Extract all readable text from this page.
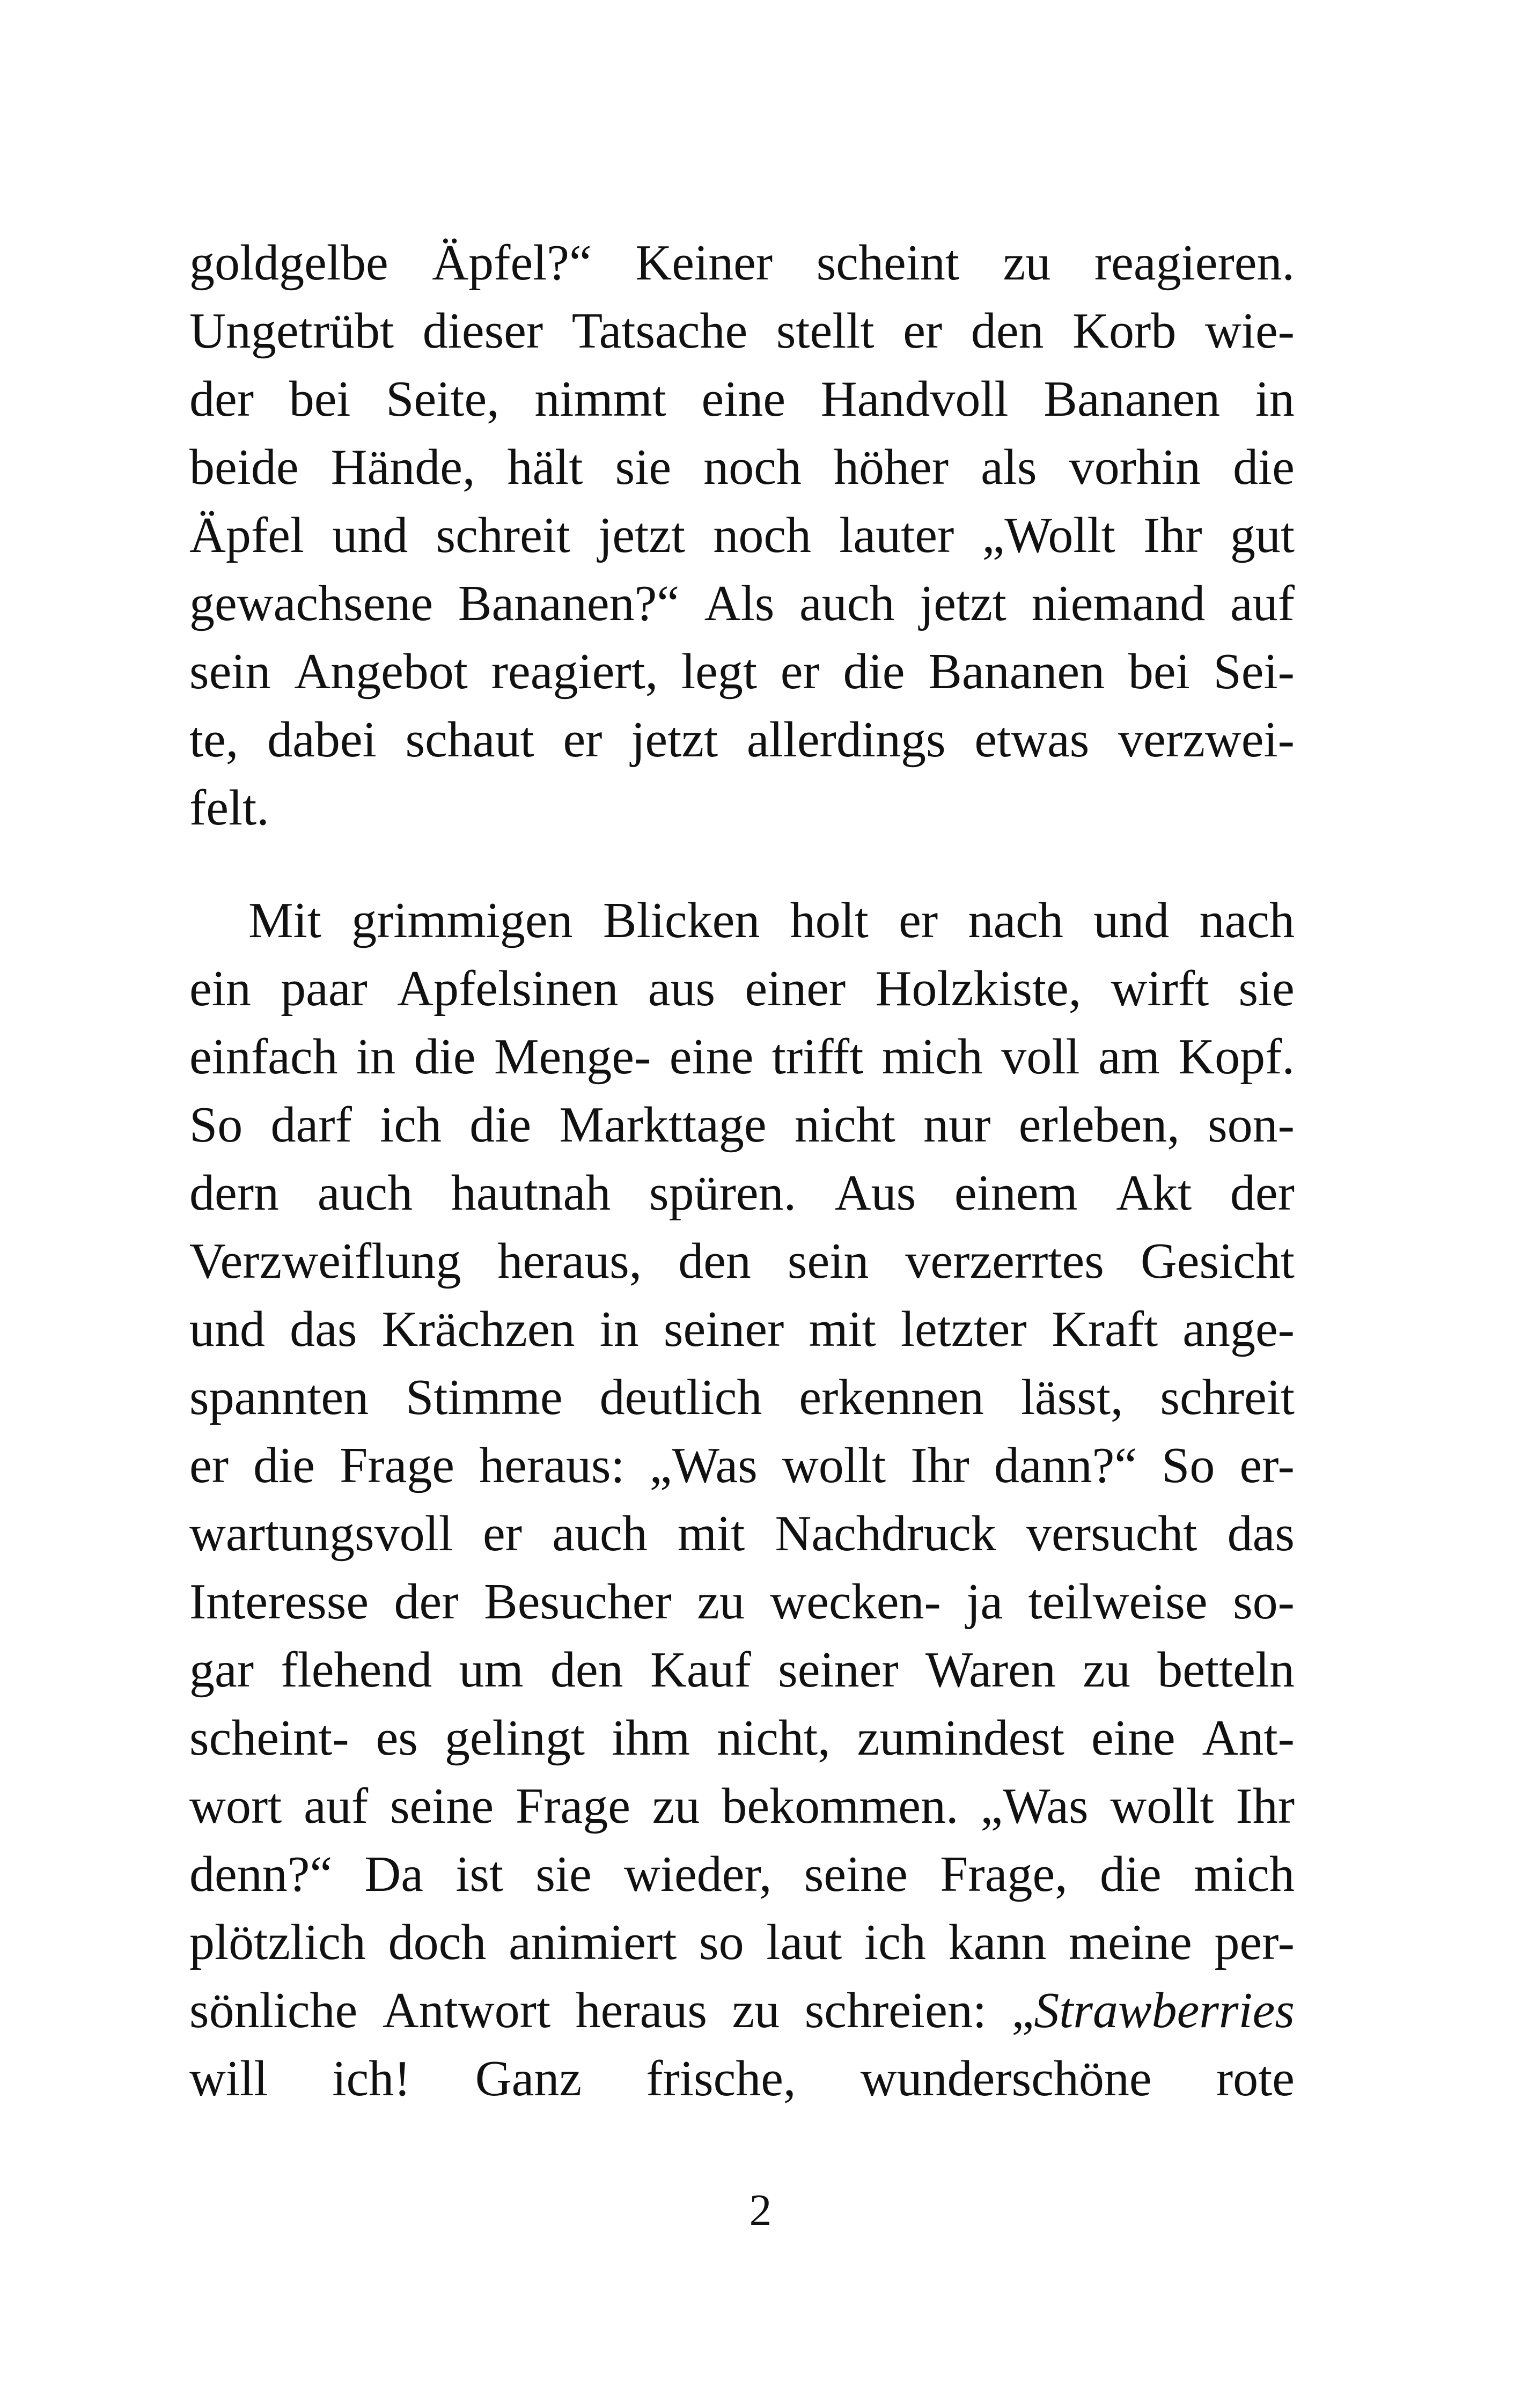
goldgelbe Äpfel?“ Keiner scheint zu reagieren.
Ungetrübt dieser Tatsache stellt er den Korb wie-
der bei Seite, nimmt eine Handvoll Bananen in
beide Hände, hält sie noch höher als vorhin die
Äpfel und schreit jetzt noch lauter „Wollt Ihr gut
gewachsene Bananen?“ Als auch jetzt niemand auf
sein Angebot reagiert, legt er die Bananen bei Sei-
te, dabei schaut er jetzt allerdings etwas verzwei-
felt.
Mit grimmigen Blicken holt er nach und nach
ein paar Apfelsinen aus einer Holzkiste, wirft sie
einfach in die Menge- eine trifft mich voll am Kopf.
So darf ich die Markttage nicht nur erleben, son-
dern auch hautnah spüren. Aus einem Akt der
Verzweiflung heraus, den sein verzerrtes Gesicht
und das Krächzen in seiner mit letzter Kraft ange-
spannten Stimme deutlich erkennen lässt, schreit
er die Frage heraus: „Was wollt Ihr dann?“ So er-
wartungsvoll er auch mit Nachdruck versucht das
Interesse der Besucher zu wecken- ja teilweise so-
gar flehend um den Kauf seiner Waren zu betteln
scheint- es gelingt ihm nicht, zumindest eine Ant-
wort auf seine Frage zu bekommen. „Was wollt Ihr
denn?“ Da ist sie wieder, seine Frage, die mich
plötzlich doch animiert so laut ich kann meine per-
sönliche Antwort heraus zu schreien: „Strawberries
will ich! Ganz frische, wunderschöne rote
2
